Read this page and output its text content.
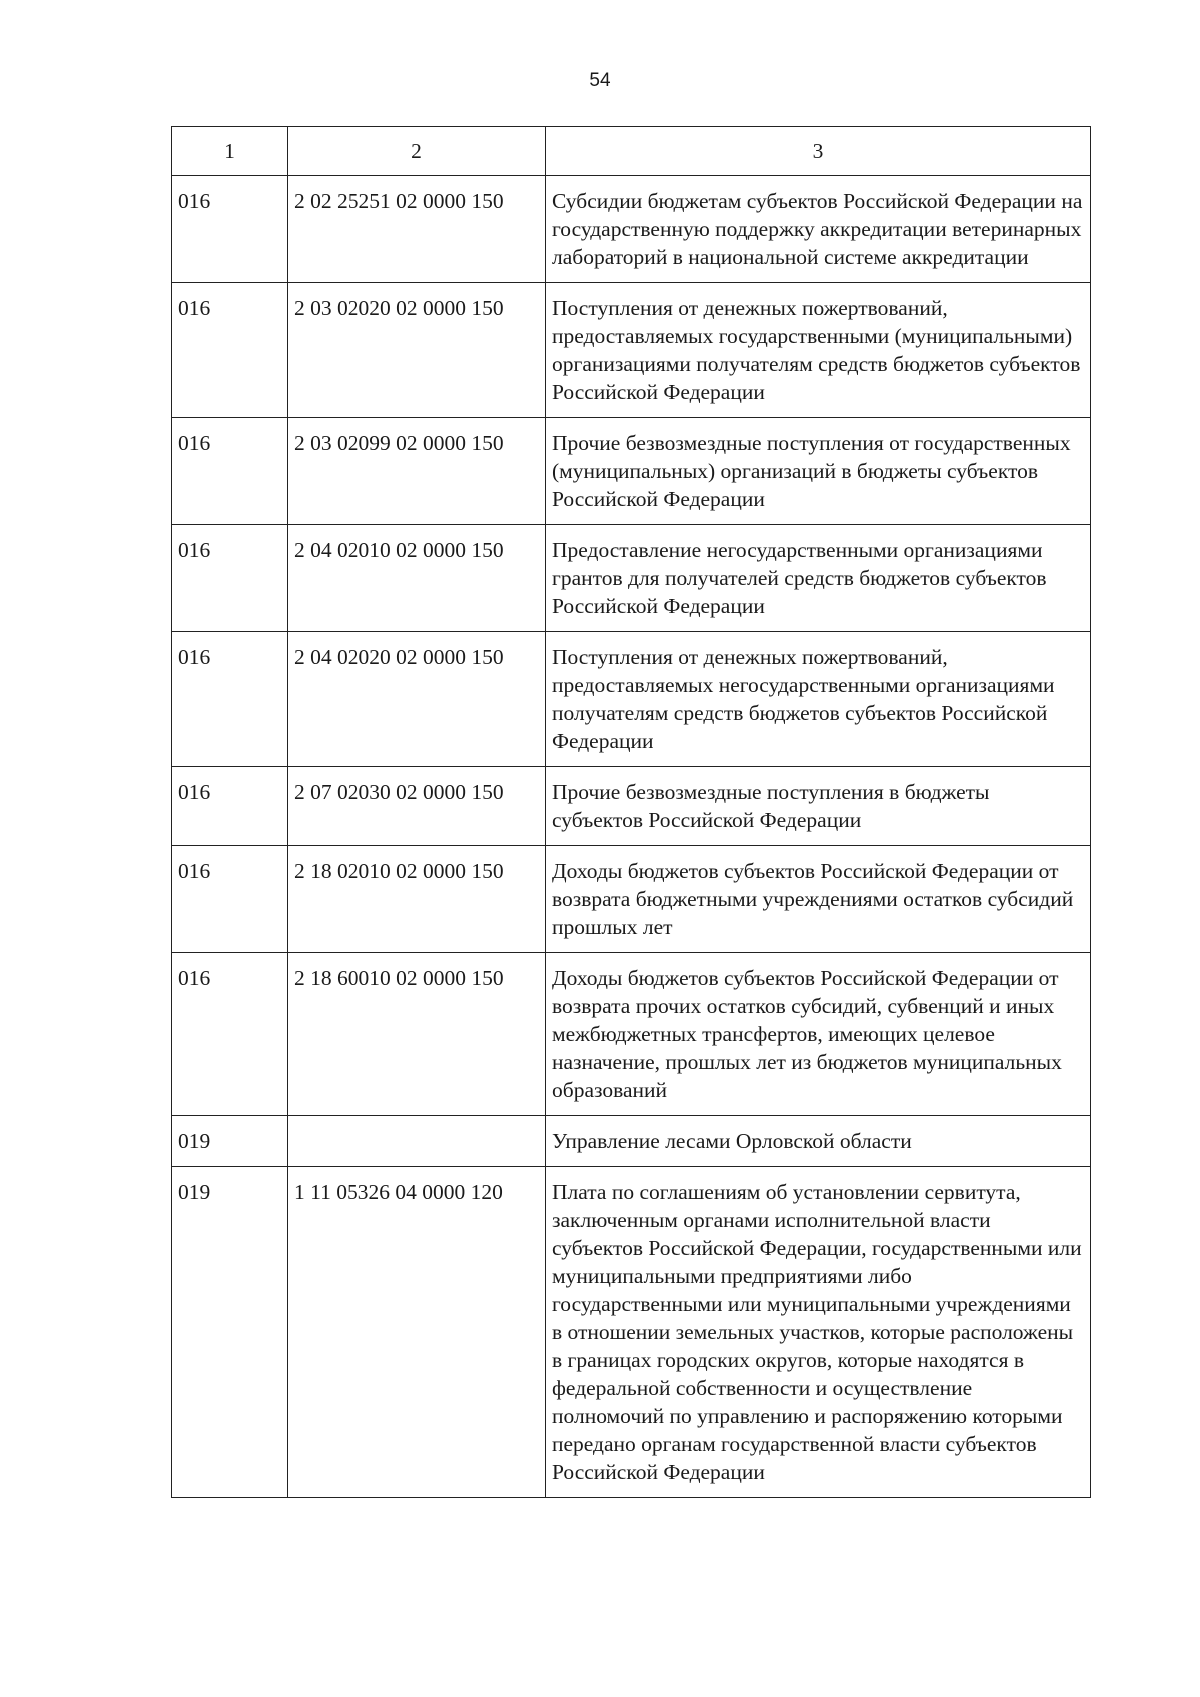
54
1	2	3
016	2 02 25251 02 0000 150	Субсидии бюджетам субъектов Российской Федерации на государственную поддержку аккредитации ветеринарных лабораторий в национальной системе аккредитации
016	2 03 02020 02 0000 150	Поступления от денежных пожертвований, предоставляемых государственными (муниципальными) организациями получателям средств бюджетов субъектов Российской Федерации
016	2 03 02099 02 0000 150	Прочие безвозмездные поступления от государственных (муниципальных) организаций в бюджеты субъектов Российской Федерации
016	2 04 02010 02 0000 150	Предоставление негосударственными организациями грантов для получателей средств бюджетов субъектов Российской Федерации
016	2 04 02020 02 0000 150	Поступления от денежных пожертвований, предоставляемых негосударственными организациями получателям средств бюджетов субъектов Российской Федерации
016	2 07 02030 02 0000 150	Прочие безвозмездные поступления в бюджеты субъектов Российской Федерации
016	2 18 02010 02 0000 150	Доходы бюджетов субъектов Российской Федерации от возврата бюджетными учреждениями остатков субсидий прошлых лет
016	2 18 60010 02 0000 150	Доходы бюджетов субъектов Российской Федерации от возврата прочих остатков субсидий, субвенций и иных межбюджетных трансфертов, имеющих целевое назначение, прошлых лет из бюджетов муниципальных образований
019		Управление лесами Орловской области
019	1 11 05326 04 0000 120	Плата по соглашениям об установлении сервитута, заключенным органами исполнительной власти субъектов Российской Федерации, государственными или муниципальными предприятиями либо государственными или муниципальными учреждениями в отношении земельных участков, которые расположены в границах городских округов, которые находятся в федеральной собственности и осуществление полномочий по управлению и распоряжению которыми передано органам государственной власти субъектов Российской Федерации
